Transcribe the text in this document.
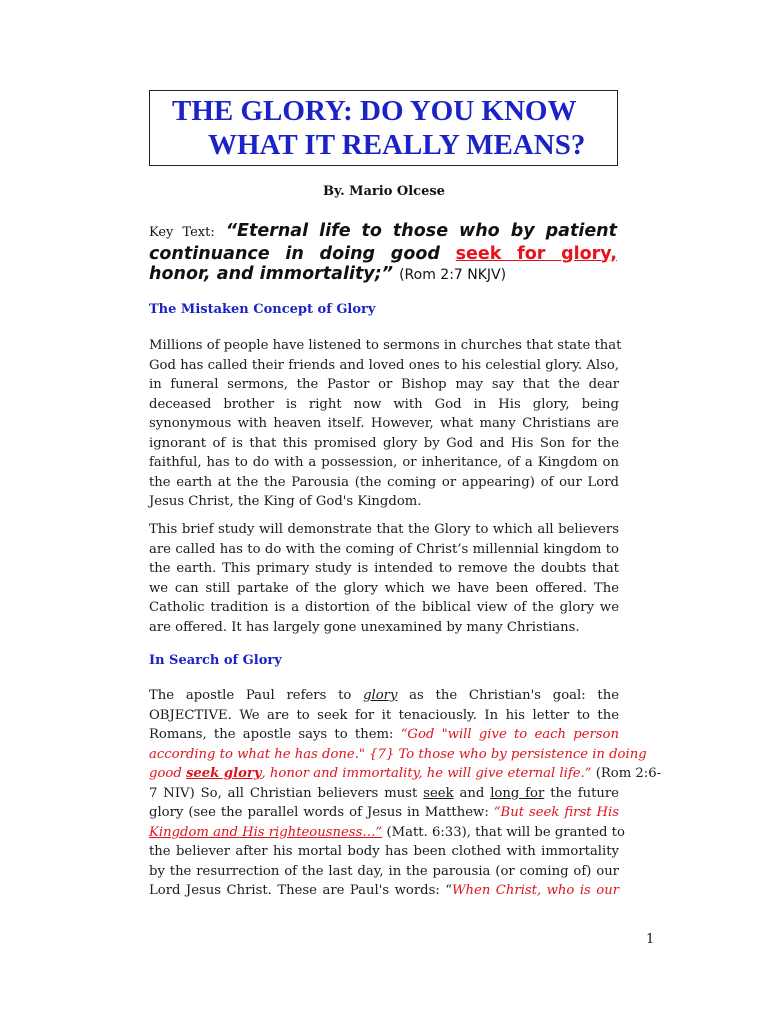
THE GLORY: DO YOU KNOW
WHAT IT REALLY MEANS?
By. Mario Olcese
Key Text: “Eternal life to those who by patient continuance in doing good seek for glory, honor, and immortality;” (Rom 2:7 NKJV)
The Mistaken Concept of Glory
Millions of people have listened to sermons in churches that state that
God has called their friends and loved ones to his celestial glory. Also,
in funeral sermons, the Pastor or Bishop may say that the dear
deceased brother is right now with God in His glory, being
synonymous with heaven itself. However, what many Christians are
ignorant of is that this promised glory by God and His Son for the
faithful, has to do with a possession, or inheritance, of a Kingdom on
the earth at the the Parousia (the coming or appearing) of our Lord
Jesus Christ, the King of God's Kingdom.
This brief study will demonstrate that the Glory to which all believers
are called has to do with the coming of Christ’s millennial kingdom to
the earth. This primary study is intended to remove the doubts that
we can still partake of the glory which we have been offered. The
Catholic tradition is a distortion of the biblical view of the glory we
are offered. It has largely gone unexamined by many Christians.
In Search of Glory
The apostle Paul refers to glory as the Christian's goal: the
OBJECTIVE. We are to seek for it tenaciously. In his letter to the
Romans, the apostle says to them: “God "will give to each person
according to what he has done." {7} To those who by persistence in doing
good seek glory, honor and immortality, he will give eternal life.” (Rom 2:6-
7 NIV) So, all Christian believers must seek and long for the future
glory (see the parallel words of Jesus in Matthew: “But seek first His
Kingdom and His righteousness…” (Matt. 6:33), that will be granted to
the believer after his mortal body has been clothed with immortality
by the resurrection of the last day, in the parousia (or coming of) our
Lord Jesus Christ. These are Paul's words: “When Christ, who is our
1
